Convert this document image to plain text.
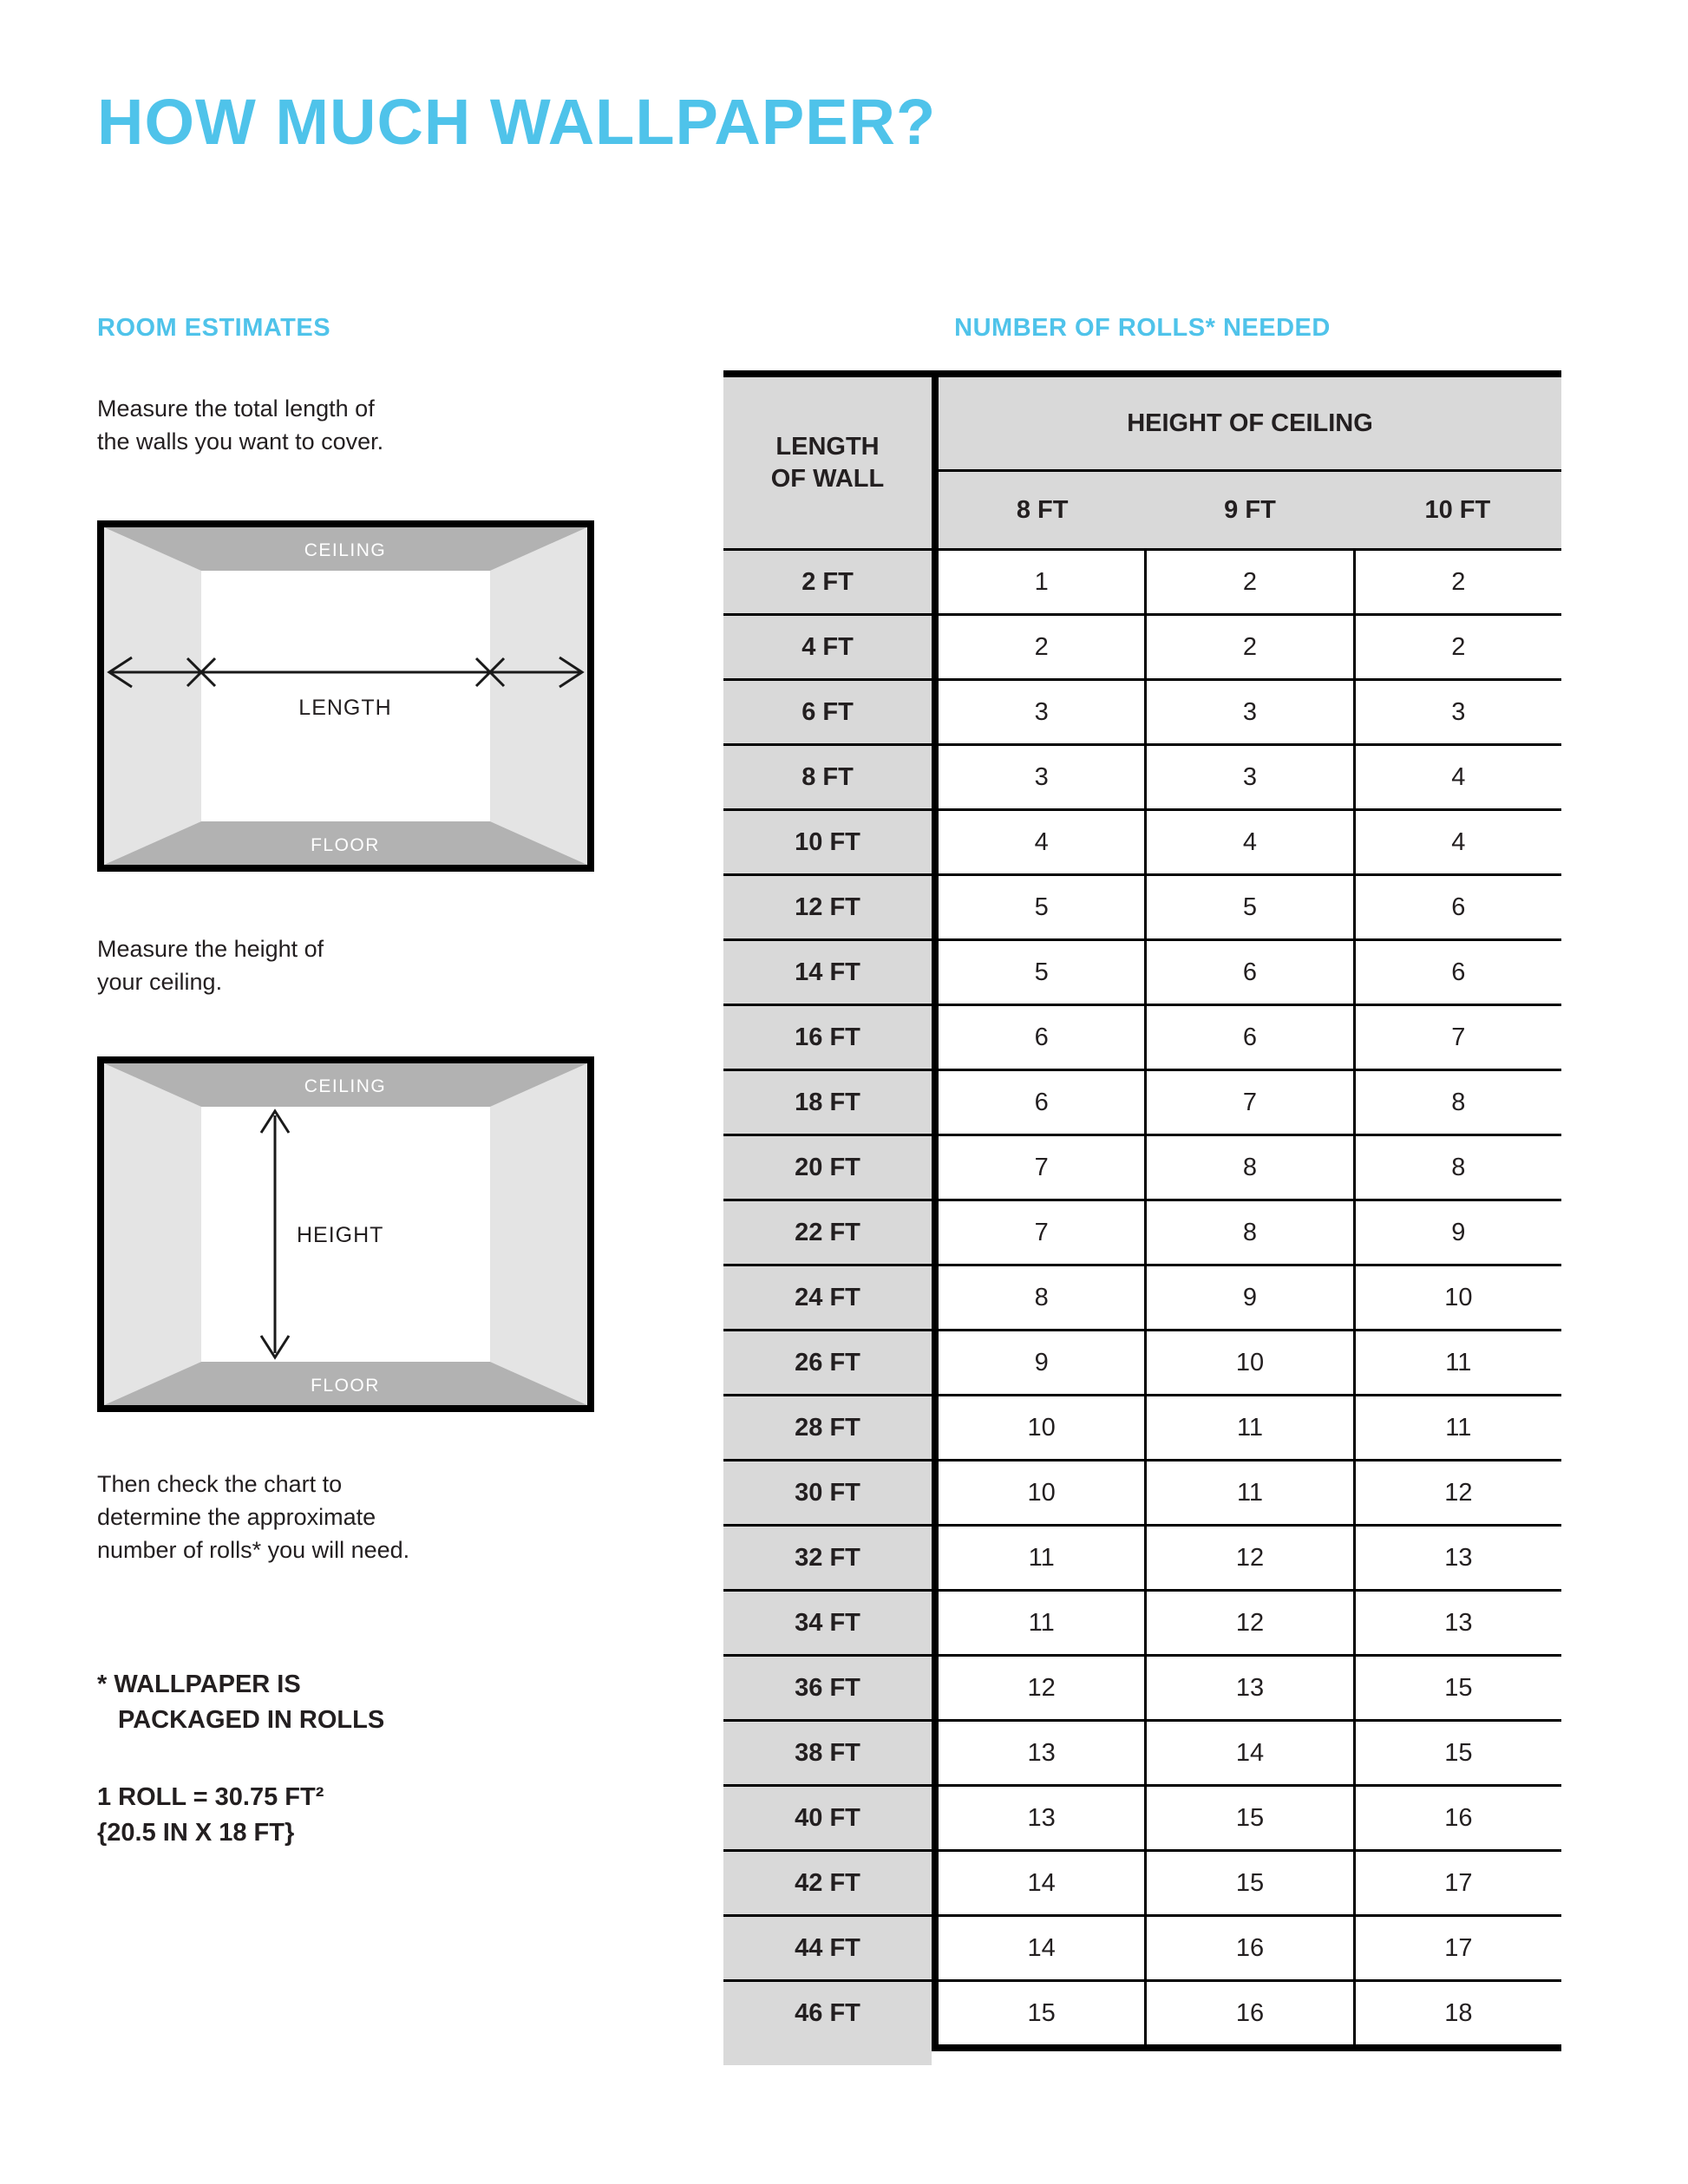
HOW MUCH WALLPAPER?
ROOM ESTIMATES	NUMBER OF ROLLS* NEEDED
Measure the total length of
the walls you want to cover.
CEILING
FLOOR
LENGTH
Measure the height of
your ceiling.
CEILING
FLOOR
HEIGHT
Then check the chart to
determine the approximate
number of rolls* you will need.
* WALLPAPER IS
PACKAGED IN ROLLS
1 ROLL = 30.75 FT²
{20.5 IN X 18 FT}
LENGTH
OF WALL
HEIGHT OF CEILING
8 FT	9 FT	10 FT
2 FT	1	2	2
4 FT	2	2	2
6 FT	3	3	3
8 FT	3	3	4
10 FT	4	4	4
12 FT	5	5	6
14 FT	5	6	6
16 FT	6	6	7
18 FT	6	7	8
20 FT	7	8	8
22 FT	7	8	9
24 FT	8	9	10
26 FT	9	10	11
28 FT	10	11	11
30 FT	10	11	12
32 FT	11	12	13
34 FT	11	12	13
36 FT	12	13	15
38 FT	13	14	15
40 FT	13	15	16
42 FT	14	15	17
44 FT	14	16	17
46 FT	15	16	18
